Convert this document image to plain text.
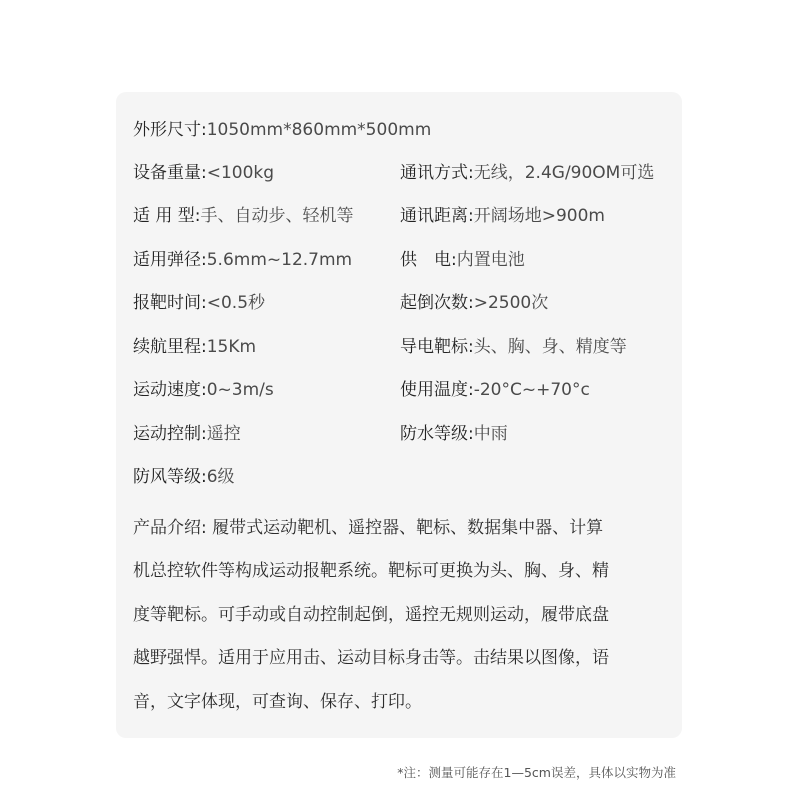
外形尺寸:1050mm*860mm*500mm
设备重量:<100kg
适 用 型:手、自动步、轻机等
适用弹径:5.6mm~12.7mm
报靶时间:<0.5秒
续航里程:15Km
运动速度:0~3m/s
运动控制:遥控
防风等级:6级
通讯方式:无线，2.4G/90OM可选
通讯距离:开阔场地>900m
供　电:内置电池
起倒次数:>2500次
导电靶标:头、胸、身、精度等
使用温度:-20°C~+70°c
防水等级:中雨
产品介绍: 履带式运动靶机、遥控器、靶标、数据集中器、计算
机总控软件等构成运动报靶系统。靶标可更换为头、胸、身、精
度等靶标。可手动或自动控制起倒，遥控无规则运动，履带底盘
越野强悍。适用于应用击、运动目标身击等。击结果以图像，语
音，文字体现，可查询、保存、打印。
*注：测量可能存在1—5cm误差，具体以实物为准
